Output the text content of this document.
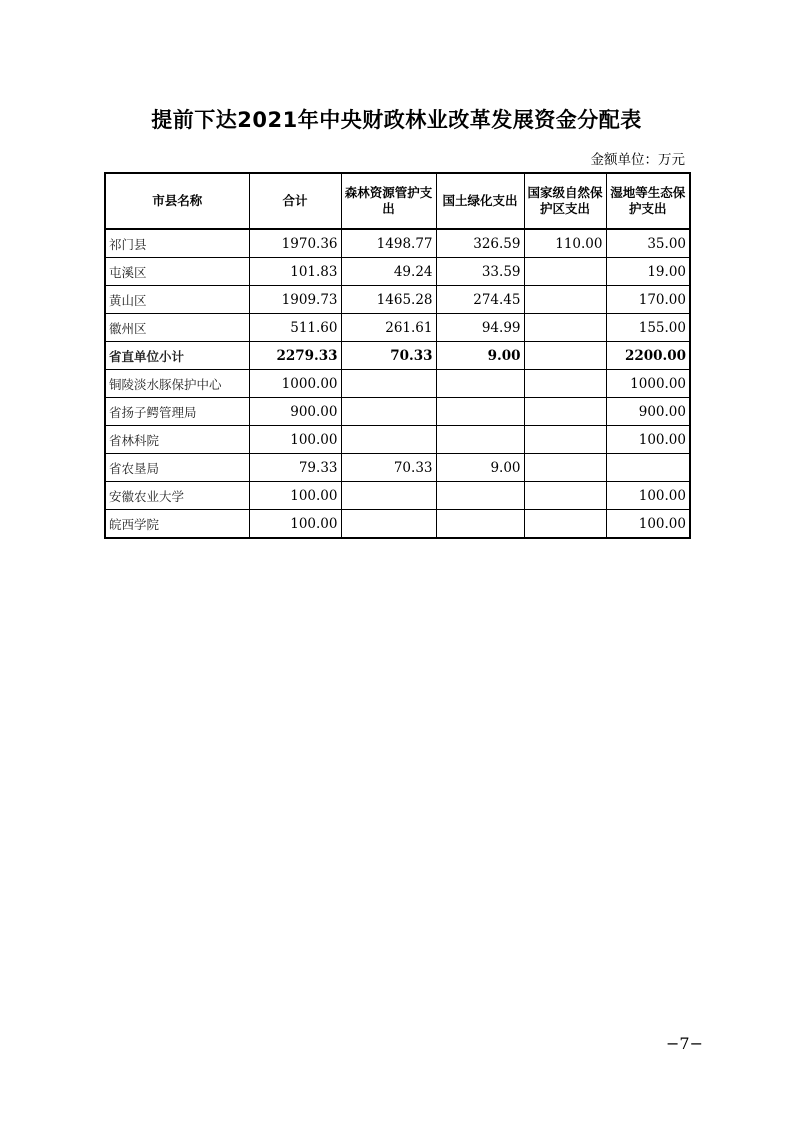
提前下达2021年中央财政林业改革发展资金分配表
金额单位：万元
市县名称	合计	森林资源管护支出	国土绿化支出	国家级自然保护区支出	湿地等生态保护支出
祁门县	1970.36	1498.77	326.59	110.00	35.00
屯溪区	101.83	49.24	33.59		19.00
黄山区	1909.73	1465.28	274.45		170.00
徽州区	511.60	261.61	94.99		155.00
省直单位小计	2279.33	70.33	9.00		2200.00
铜陵淡水豚保护中心	1000.00				1000.00
省扬子鳄管理局	900.00				900.00
省林科院	100.00				100.00
省农垦局	79.33	70.33	9.00		
安徽农业大学	100.00				100.00
皖西学院	100.00				100.00
−7−
